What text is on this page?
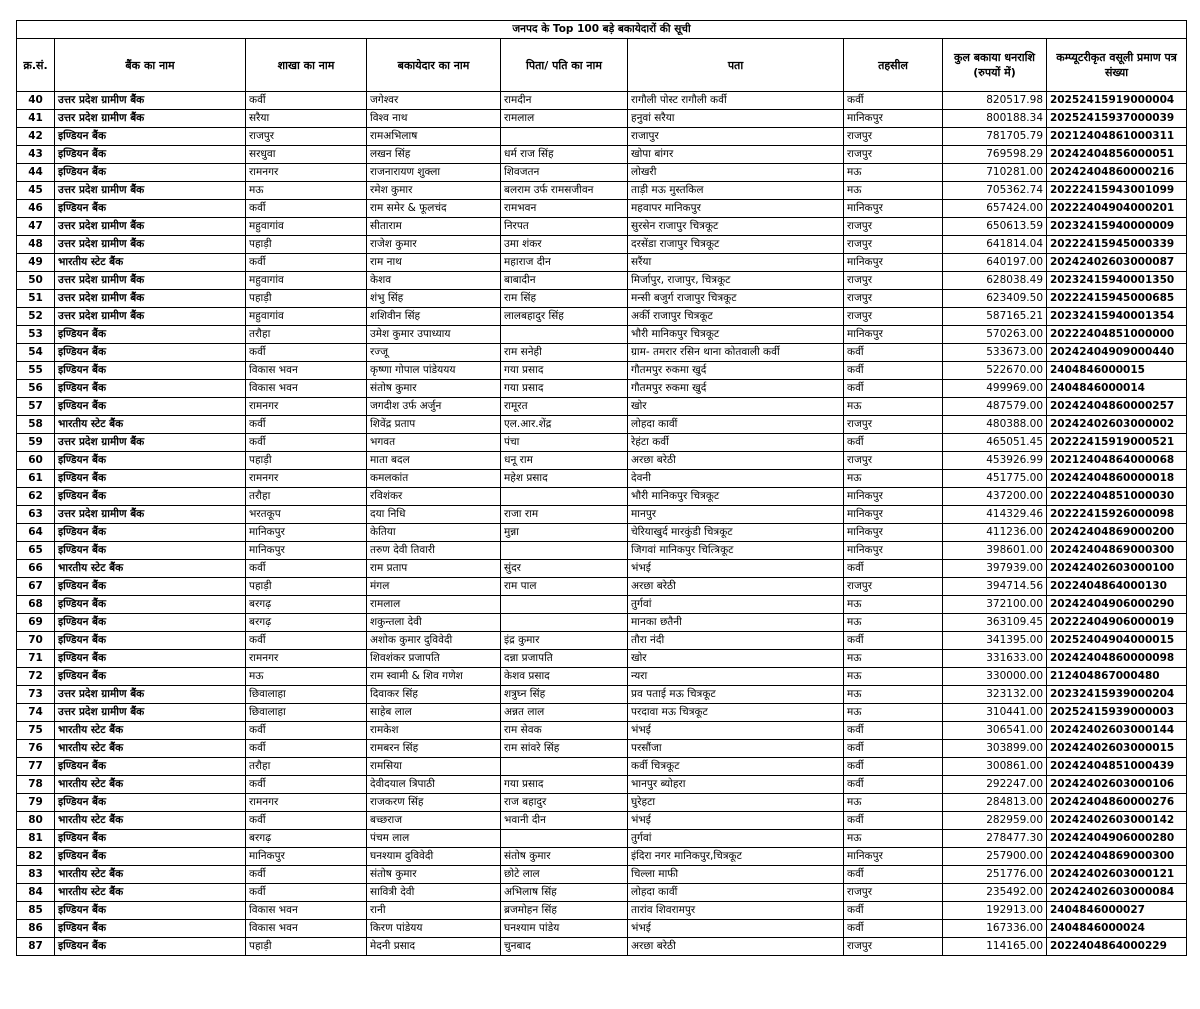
जनपद के Top 100 बड़े बकायेदारों की सूची								
क्र.सं.	बैंक का नाम	शाखा का नाम	बकायेदार का नाम	पिता/ पति का नाम	पता	तहसील	कुल बकाया धनराशि (रुपयों में)	कम्प्यूटरीकृत वसूली प्रमाण पत्र संख्या
40	उत्तर प्रदेश ग्रामीण बैंक	कर्वी	जगेश्वर	रामदीन	रागौली पोस्ट रागौली कर्वी	कर्वी	820517.98	20252415919000004
41	उत्तर प्रदेश ग्रामीण बैंक	सरैया	विश्व नाथ	रामलाल	हनुवां सरैया	मानिकपुर	800188.34	20252415937000039
42	इण्डियन बैंक	राजपुर	रामअभिलाष		राजापुर	राजपुर	781705.79	20212404861000311
43	इण्डियन बैंक	सरधुवा	लखन सिंह	धर्म राज सिंह	खोपा बांगर	राजपुर	769598.29	20242404856000051
44	इण्डियन बैंक	रामनगर	राजनारायण शुक्ला	शिवजतन	लोखरी	मऊ	710281.00	20242404860000216
45	उत्तर प्रदेश ग्रामीण बैंक	मऊ	रमेश कुमार	बलराम उर्फ रामसजीवन	ताड़ी मऊ मुस्तकिल	मऊ	705362.74	20222415943001099
46	इण्डियन बैंक	कर्वी	राम समेर & फूलचंद	रामभवन	महवापर मानिकपुर	मानिकपुर	657424.00	20222404904000201
47	उत्तर प्रदेश ग्रामीण बैंक	महुवागांव	सीताराम	निरपत	सुरसेन राजापुर चित्रकूट	राजपुर	650613.59	20232415940000009
48	उत्तर प्रदेश ग्रामीण बैंक	पहाड़ी	राजेश कुमार	उमा शंकर	दरसेंडा राजापुर चित्रकूट	राजपुर	641814.04	20222415945000339
49	भारतीय स्टेट बैंक	कर्वी	राम नाथ	महाराज दीन	सरैंया	मानिकपुर	640197.00	20242402603000087
50	उत्तर प्रदेश ग्रामीण बैंक	महुवागांव	केशव	बाबादीन	मिर्जापुर, राजापुर, चित्रकूट	राजपुर	628038.49	20232415940001350
51	उत्तर प्रदेश ग्रामीण बैंक	पहाड़ी	शंभु सिंह	राम सिंह	मन्सी बजुर्ग राजापुर चित्रकूट	राजपुर	623409.50	20222415945000685
52	उत्तर प्रदेश ग्रामीण बैंक	महुवागांव	शशिवीन सिंह	लालबहादुर सिंह	अर्की राजापुर चित्रकूट	राजपुर	587165.21	20232415940001354
53	इण्डियन बैंक	तरौहा	उमेश कुमार उपाध्याय		भौरी मानिकपुर चित्रकूट	मानिकपुर	570263.00	20222404851000000
54	इण्डियन बैंक	कर्वी	रज्जू	राम सनेही	ग्राम- तमरार रसिन थाना कोतवाली कर्वी	कर्वी	533673.00	20242404909000440
55	इण्डियन बैंक	विकास भवन	कृष्णा गोपाल पांडेययय	गया प्रसाद	गौतमपुर रुकमा खुर्द	कर्वी	522670.00	2404846000015
56	इण्डियन बैंक	विकास भवन	संतोष कुमार	गया प्रसाद	गौतमपुर रुकमा खुर्द	कर्वी	499969.00	2404846000014
57	इण्डियन बैंक	रामनगर	जगदीश उर्फ अर्जुन	रामूरत	खोर	मऊ	487579.00	20242404860000257
58	भारतीय स्टेट बैंक	कर्वी	शिवेंद्र प्रताप	एल.आर.शेंद्र	लोहदा कावीं	राजपुर	480388.00	20242402603000002
59	उत्तर प्रदेश ग्रामीण बैंक	कर्वी	भगवत	पंचा	रेहंटा कर्वी	कर्वी	465051.45	20222415919000521
60	इण्डियन बैंक	पहाड़ी	माता बदल	धनू राम	अरछा बरेठी	राजपुर	453926.99	20212404864000068
61	इण्डियन बैंक	रामनगर	कमलकांत	महेश प्रसाद	देवनी	मऊ	451775.00	20242404860000018
62	इण्डियन बैंक	तरौहा	रविशंकर		भौरी मानिकपुर चित्रकूट	मानिकपुर	437200.00	20222404851000030
63	उत्तर प्रदेश ग्रामीण बैंक	भरतकूप	दया निधि	राजा राम	मानपुर	मानिकपुर	414329.46	20222415926000098
64	इण्डियन बैंक	मानिकपुर	केतिया	मुन्ना	चेरियाखुर्द मारकुंडी चित्रकूट	मानिकपुर	411236.00	20242404869000200
65	इण्डियन बैंक	मानिकपुर	तरुण देवी तिवारी		जिगवां मानिकपुर चित्त्रिकूट	मानिकपुर	398601.00	20242404869000300
66	भारतीय स्टेट बैंक	कर्वी	राम प्रताप	सुंदर	भंभई	कर्वी	397939.00	20242402603000100
67	इण्डियन बैंक	पहाड़ी	मंगल	राम पाल	अरछा बरेठी	राजपुर	394714.56	2022404864000130
68	इण्डियन बैंक	बरगढ़	रामलाल		तुर्गवां	मऊ	372100.00	20242404906000290
69	इण्डियन बैंक	बरगढ़	शकुन्तला देवी		मानका छतैनी	मऊ	363109.45	20222404906000019
70	इण्डियन बैंक	कर्वी	अशोक कुमार दुविवेदी	इंद्र कुमार	तौरा नंदी	कर्वी	341395.00	20252404904000015
71	इण्डियन बैंक	रामनगर	शिवशंकर प्रजापति	दन्ना प्रजापति	खोर	मऊ	331633.00	20242404860000098
72	इण्डियन बैंक	मऊ	राम स्वामी & शिव गणेश	केशव प्रसाद	न्यरा	मऊ	330000.00	212404867000480
73	उत्तर प्रदेश ग्रामीण बैंक	छिवालाहा	दिवाकर सिंह	शत्रुघ्न सिंह	प्रव पताई मऊ चित्रकूट	मऊ	323132.00	20232415939000204
74	उत्तर प्रदेश ग्रामीण बैंक	छिवालाहा	साहेब लाल	अन्नत लाल	परदावा मऊ चित्रकूट	मऊ	310441.00	20252415939000003
75	भारतीय स्टेट बैंक	कर्वी	रामकेश	राम सेवक	भंभई	कर्वी	306541.00	20242402603000144
76	भारतीय स्टेट बैंक	कर्वी	रामबरन सिंह	राम सांवरे सिंह	परसौंजा	कर्वी	303899.00	20242402603000015
77	इण्डियन बैंक	तरौहा	रामसिया		कर्वी चित्रकूट	कर्वी	300861.00	20242404851000439
78	भारतीय स्टेट बैंक	कर्वी	देवीदयाल त्रिपाठी	गया प्रसाद	भानपुर ब्योहरा	कर्वी	292247.00	20242402603000106
79	इण्डियन बैंक	रामनगर	राजकरण सिंह	राज बहादुर	घुरेहटा	मऊ	284813.00	20242404860000276
80	भारतीय स्टेट बैंक	कर्वी	बच्छराज	भवानी दीन	भंभई	कर्वी	282959.00	20242402603000142
81	इण्डियन बैंक	बरगढ़	पंचम लाल		तुर्गवां	मऊ	278477.30	20242404906000280
82	इण्डियन बैंक	मानिकपुर	घनश्याम दुविवेदी	संतोष कुमार	इंदिरा नगर मानिकपुर,चित्रकूट	मानिकपुर	257900.00	20242404869000300
83	भारतीय स्टेट बैंक	कर्वी	संतोष कुमार	छोटे लाल	चिल्ला माफी	कर्वी	251776.00	20242402603000121
84	भारतीय स्टेट बैंक	कर्वी	सावित्री देवी	अभिलाष सिंह	लोहदा कावीं	राजपुर	235492.00	20242402603000084
85	इण्डियन बैंक	विकास भवन	रानी	ब्रजमोहन सिंह	तारांव शिवरामपुर	कर्वी	192913.00	2404846000027
86	इण्डियन बैंक	विकास भवन	किरण पांडेयय	घनश्याम पांडेय	भंभई	कर्वी	167336.00	2404846000024
87	इण्डियन बैंक	पहाड़ी	मेदनी प्रसाद	चुनबाद	अरछा बरेठी	राजपुर	114165.00	2022404864000229
